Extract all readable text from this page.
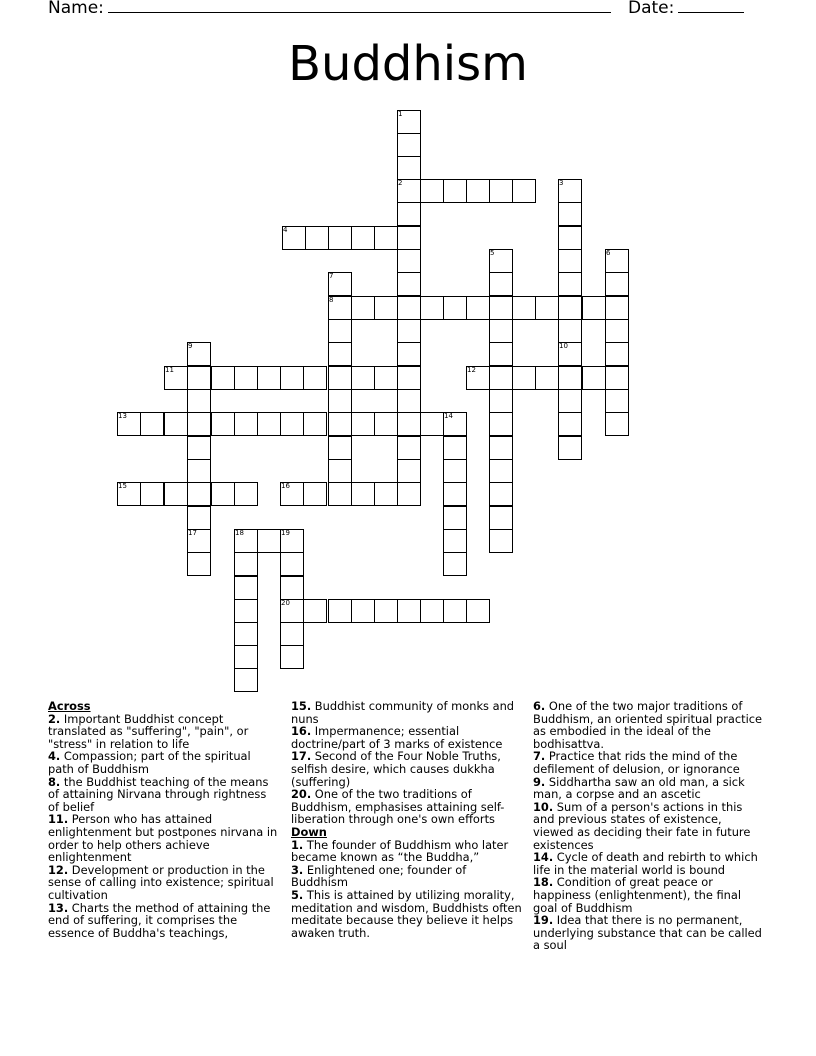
Name:	Date:
Buddhism
1
2	3
4
5	6
7
8
9	10
11	12
13	14
15	16
17	18	19
20
Across
2. Important Buddhist concept translated as "suffering", "pain", or "stress" in relation to life
4. Compassion; part of the spiritual path of Buddhism
8. the Buddhist teaching of the means of attaining Nirvana through rightness of belief
11. Person who has attained enlightenment but postpones nirvana in order to help others achieve enlightenment
12. Development or production in the sense of calling into existence; spiritual cultivation
13. Charts the method of attaining the end of suffering, it comprises the essence of Buddha's teachings,
15. Buddhist community of monks and nuns
16. Impermanence; essential doctrine/part of 3 marks of existence
17. Second of the Four Noble Truths, selfish desire, which causes dukkha (suffering)
20. One of the two traditions of Buddhism, emphasises attaining self-liberation through one's own efforts
Down
1. The founder of Buddhism who later became known as “the Buddha,”
3. Enlightened one; founder of Buddhism
5. This is attained by utilizing morality, meditation and wisdom, Buddhists often meditate because they believe it helps awaken truth.
6. One of the two major traditions of Buddhism, an oriented spiritual practice as embodied in the ideal of the bodhisattva.
7. Practice that rids the mind of the defilement of delusion, or ignorance
9. Siddhartha saw an old man, a sick man, a corpse and an ascetic
10. Sum of a person's actions in this and previous states of existence, viewed as deciding their fate in future existences
14. Cycle of death and rebirth to which life in the material world is bound
18. Condition of great peace or happiness (enlightenment), the final goal of Buddhism
19. Idea that there is no permanent, underlying substance that can be called a soul
